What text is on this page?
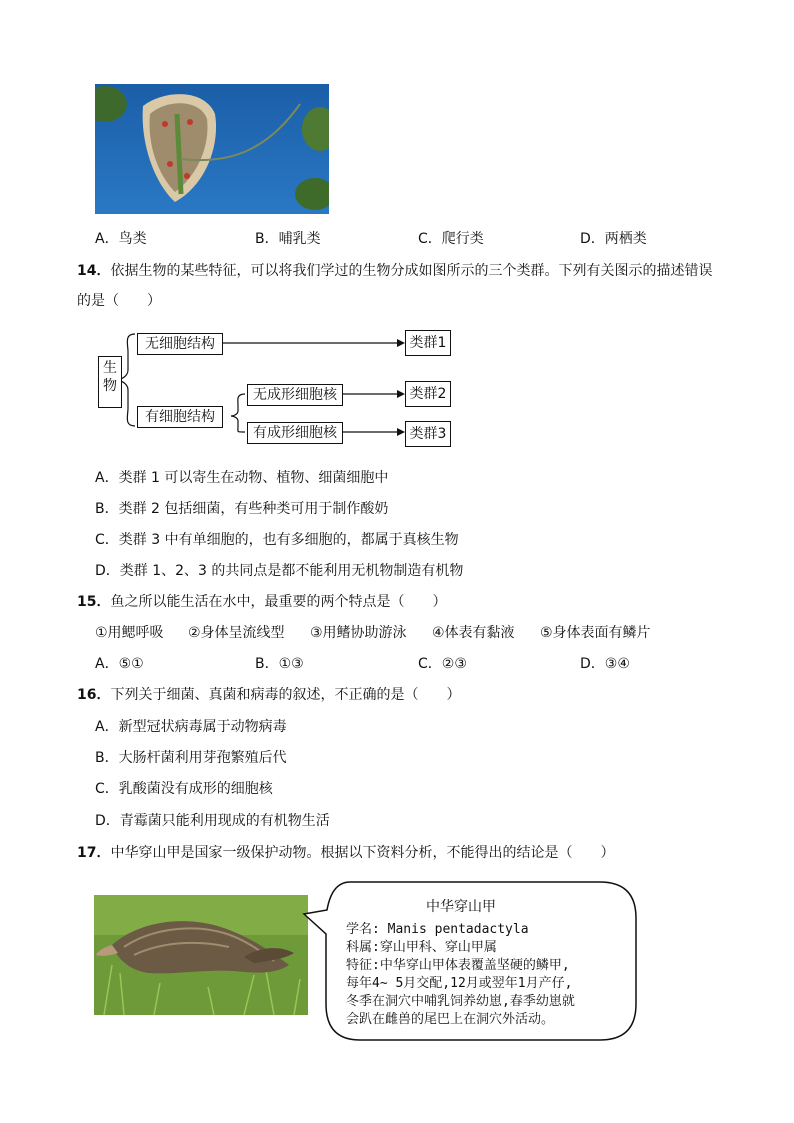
A．鸟类	B．哺乳类	C．爬行类	D．两栖类
14．依据生物的某些特征，可以将我们学过的生物分成如图所示的三个类群。下列有关图示的描述错误
的是（　　）
生物
无细胞结构
有细胞结构
无成形细胞核
有成形细胞核
类群1
类群2
类群3
A．类群 1 可以寄生在动物、植物、细菌细胞中
B．类群 2 包括细菌，有些种类可用于制作酸奶
C．类群 3 中有单细胞的，也有多细胞的，都属于真核生物
D．类群 1、2、3 的共同点是都不能利用无机物制造有机物
15．鱼之所以能生活在水中，最重要的两个特点是（　　）
①用鳃呼吸 ②身体呈流线型 ③用鳍协助游泳 ④体表有黏液 ⑤身体表面有鳞片
A．⑤①	B．①③	C．②③	D．③④
16．下列关于细菌、真菌和病毒的叙述，不正确的是（　　）
A．新型冠状病毒属于动物病毒
B．大肠杆菌利用芽孢繁殖后代
C．乳酸菌没有成形的细胞核
D．青霉菌只能利用现成的有机物生活
17．中华穿山甲是国家一级保护动物。根据以下资料分析，不能得出的结论是（　　）
中华穿山甲
学名: Manis pentadactyla
科属:穿山甲科、穿山甲属
特征:中华穿山甲体表覆盖坚硬的鳞甲,
每年4~ 5月交配,12月或翌年1月产仔,
冬季在洞穴中哺乳饲养幼崽,春季幼崽就
会趴在雌兽的尾巴上在洞穴外活动。
